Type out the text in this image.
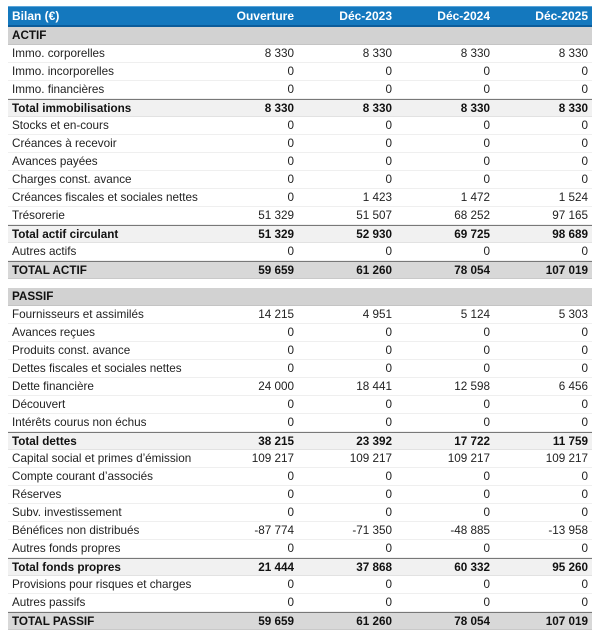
Bilan (€)	Ouverture	Déc-2023	Déc-2024	Déc-2025
ACTIF
Immo. corporelles	8 330	8 330	8 330	8 330
Immo. incorporelles	0	0	0	0
Immo. financières	0	0	0	0
Total immobilisations	8 330	8 330	8 330	8 330
Stocks et en-cours	0	0	0	0
Créances à recevoir	0	0	0	0
Avances payées	0	0	0	0
Charges const. avance	0	0	0	0
Créances fiscales et sociales nettes	0	1 423	1 472	1 524
Trésorerie	51 329	51 507	68 252	97 165
Total actif circulant	51 329	52 930	69 725	98 689
Autres actifs	0	0	0	0
TOTAL ACTIF	59 659	61 260	78 054	107 019
PASSIF
Fournisseurs et assimilés	14 215	4 951	5 124	5 303
Avances reçues	0	0	0	0
Produits const. avance	0	0	0	0
Dettes fiscales et sociales nettes	0	0	0	0
Dette financière	24 000	18 441	12 598	6 456
Découvert	0	0	0	0
Intérêts courus non échus	0	0	0	0
Total dettes	38 215	23 392	17 722	11 759
Capital social et primes d’émission	109 217	109 217	109 217	109 217
Compte courant d’associés	0	0	0	0
Réserves	0	0	0	0
Subv. investissement	0	0	0	0
Bénéfices non distribués	-87 774	-71 350	-48 885	-13 958
Autres fonds propres	0	0	0	0
Total fonds propres	21 444	37 868	60 332	95 260
Provisions pour risques et charges	0	0	0	0
Autres passifs	0	0	0	0
TOTAL PASSIF	59 659	61 260	78 054	107 019
